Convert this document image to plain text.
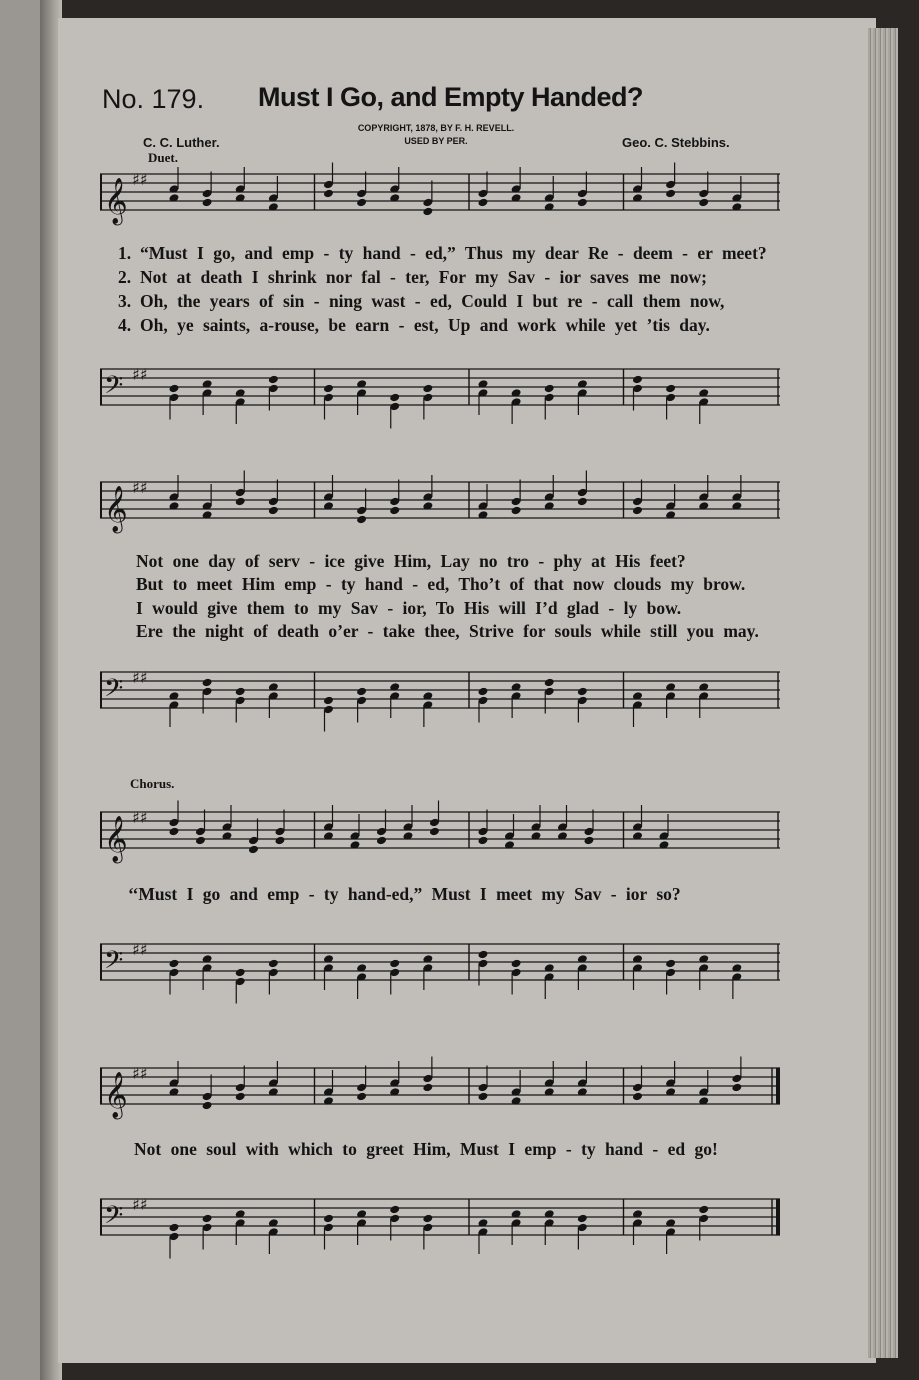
No. 179. Must I Go, and Empty Handed?
C. C. Luther.
COPYRIGHT, 1878, BY F. H. REVELL.
USED BY PER.	Geo. C. Stebbins.
Duet.
𝄞 ♯♯
𝄢 ♯♯
𝄞 ♯♯
𝄢 ♯♯
𝄞 ♯♯
𝄢 ♯♯
𝄞 ♯♯
𝄢 ♯♯
1. “Must I go, and emp - ty hand - ed,” Thus my dear Re - deem - er meet?
2. Not at death I shrink nor fal - ter, For my Sav - ior saves me now;
3. Oh, the years of sin - ning wast - ed, Could I but re - call them now,
4. Oh, ye saints, a-rouse, be earn - est, Up and work while yet ’tis day.
Not one day of serv - ice give Him, Lay no tro - phy at His feet?
But to meet Him emp - ty hand - ed, Tho’t of that now clouds my brow.
I would give them to my Sav - ior, To His will I’d glad - ly bow.
Ere the night of death o’er - take thee, Strive for souls while still you may.
Chorus.
‘‘Must I go and emp - ty hand-ed,” Must I meet my Sav - ior so?
Not one soul with which to greet Him, Must I emp - ty hand - ed go!
